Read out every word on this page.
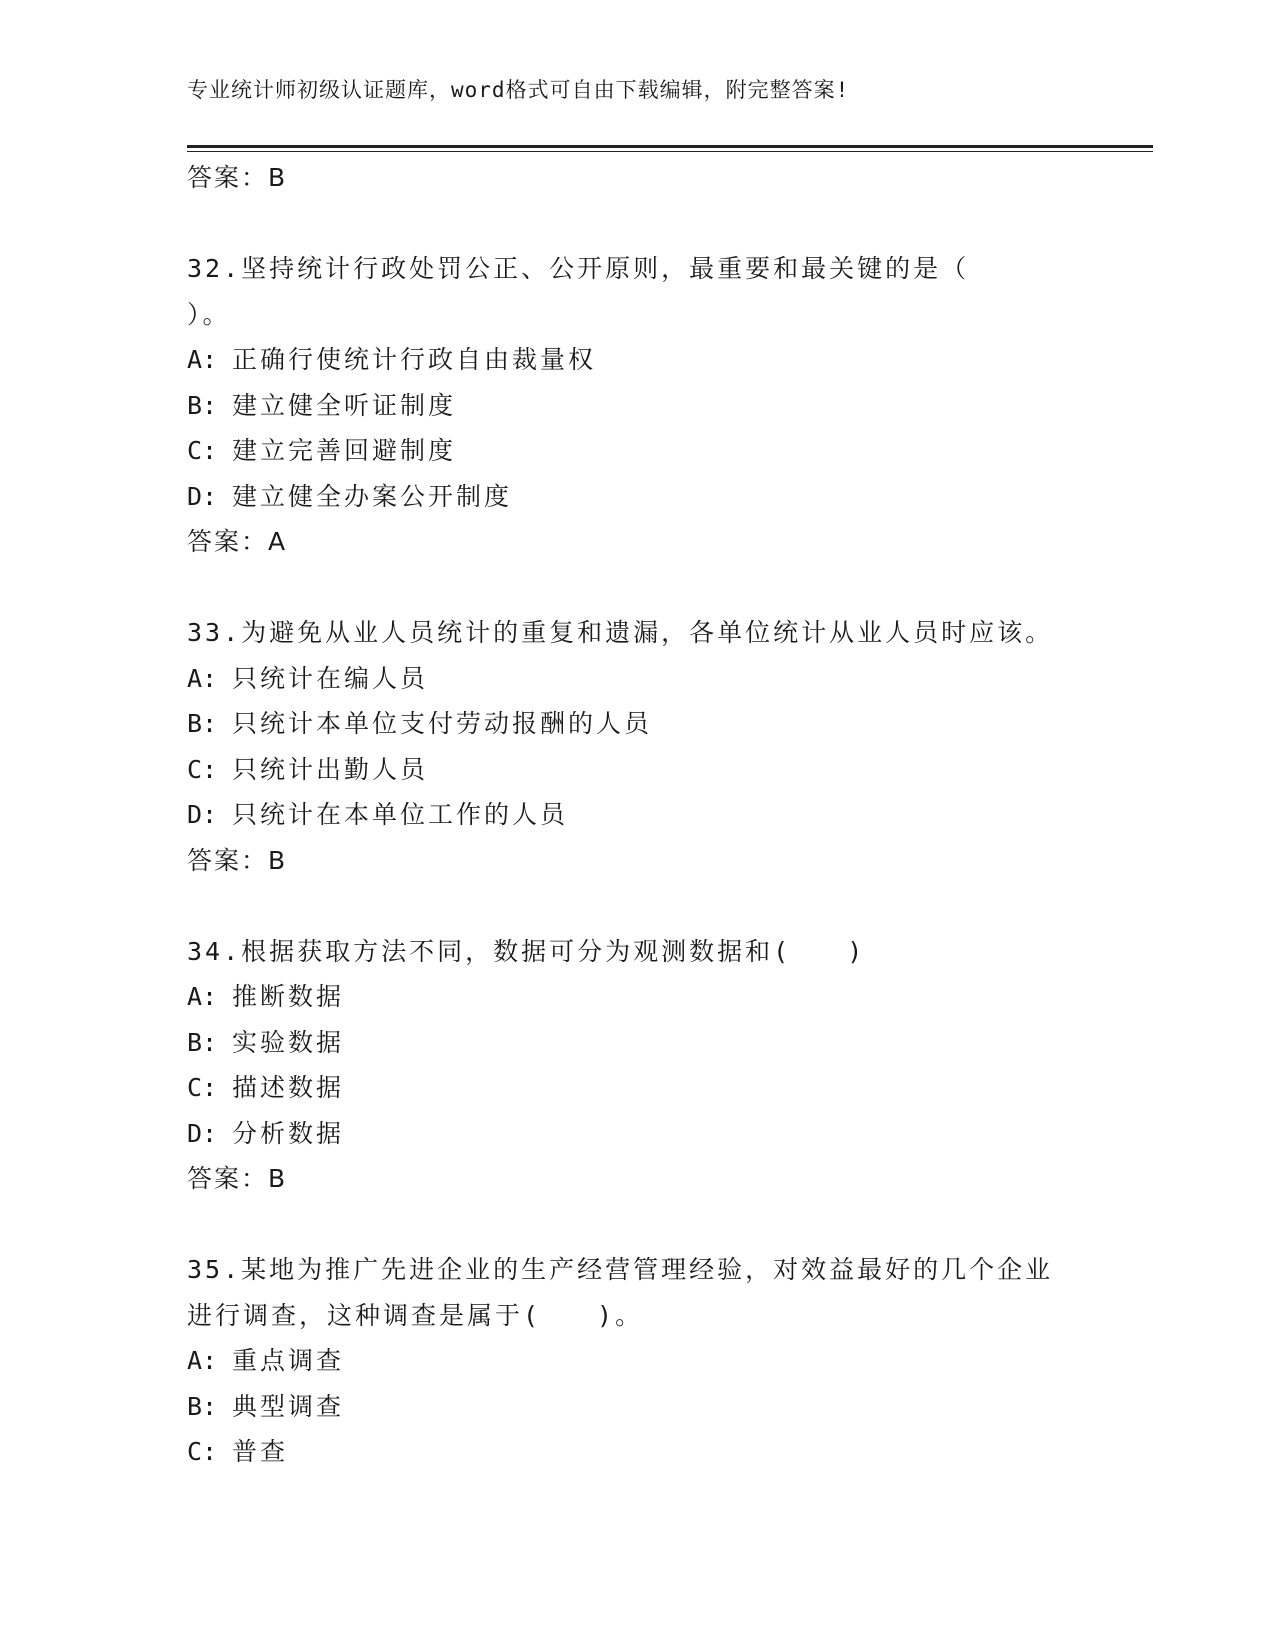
专业统计师初级认证题库，word格式可自由下载编辑，附完整答案!
答案：B
32.坚持统计行政处罚公正、公开原则，最重要和最关键的是（
）。
A: 正确行使统计行政自由裁量权
B: 建立健全听证制度
C: 建立完善回避制度
D: 建立健全办案公开制度
答案：A
33.为避免从业人员统计的重复和遗漏，各单位统计从业人员时应该。
A: 只统计在编人员
B: 只统计本单位支付劳动报酬的人员
C: 只统计出勤人员
D: 只统计在本单位工作的人员
答案：B
34.根据获取方法不同，数据可分为观测数据和(　　)
A: 推断数据
B: 实验数据
C: 描述数据
D: 分析数据
答案：B
35.某地为推广先进企业的生产经营管理经验，对效益最好的几个企业
进行调查，这种调查是属于(　　)。
A: 重点调查
B: 典型调查
C: 普查
